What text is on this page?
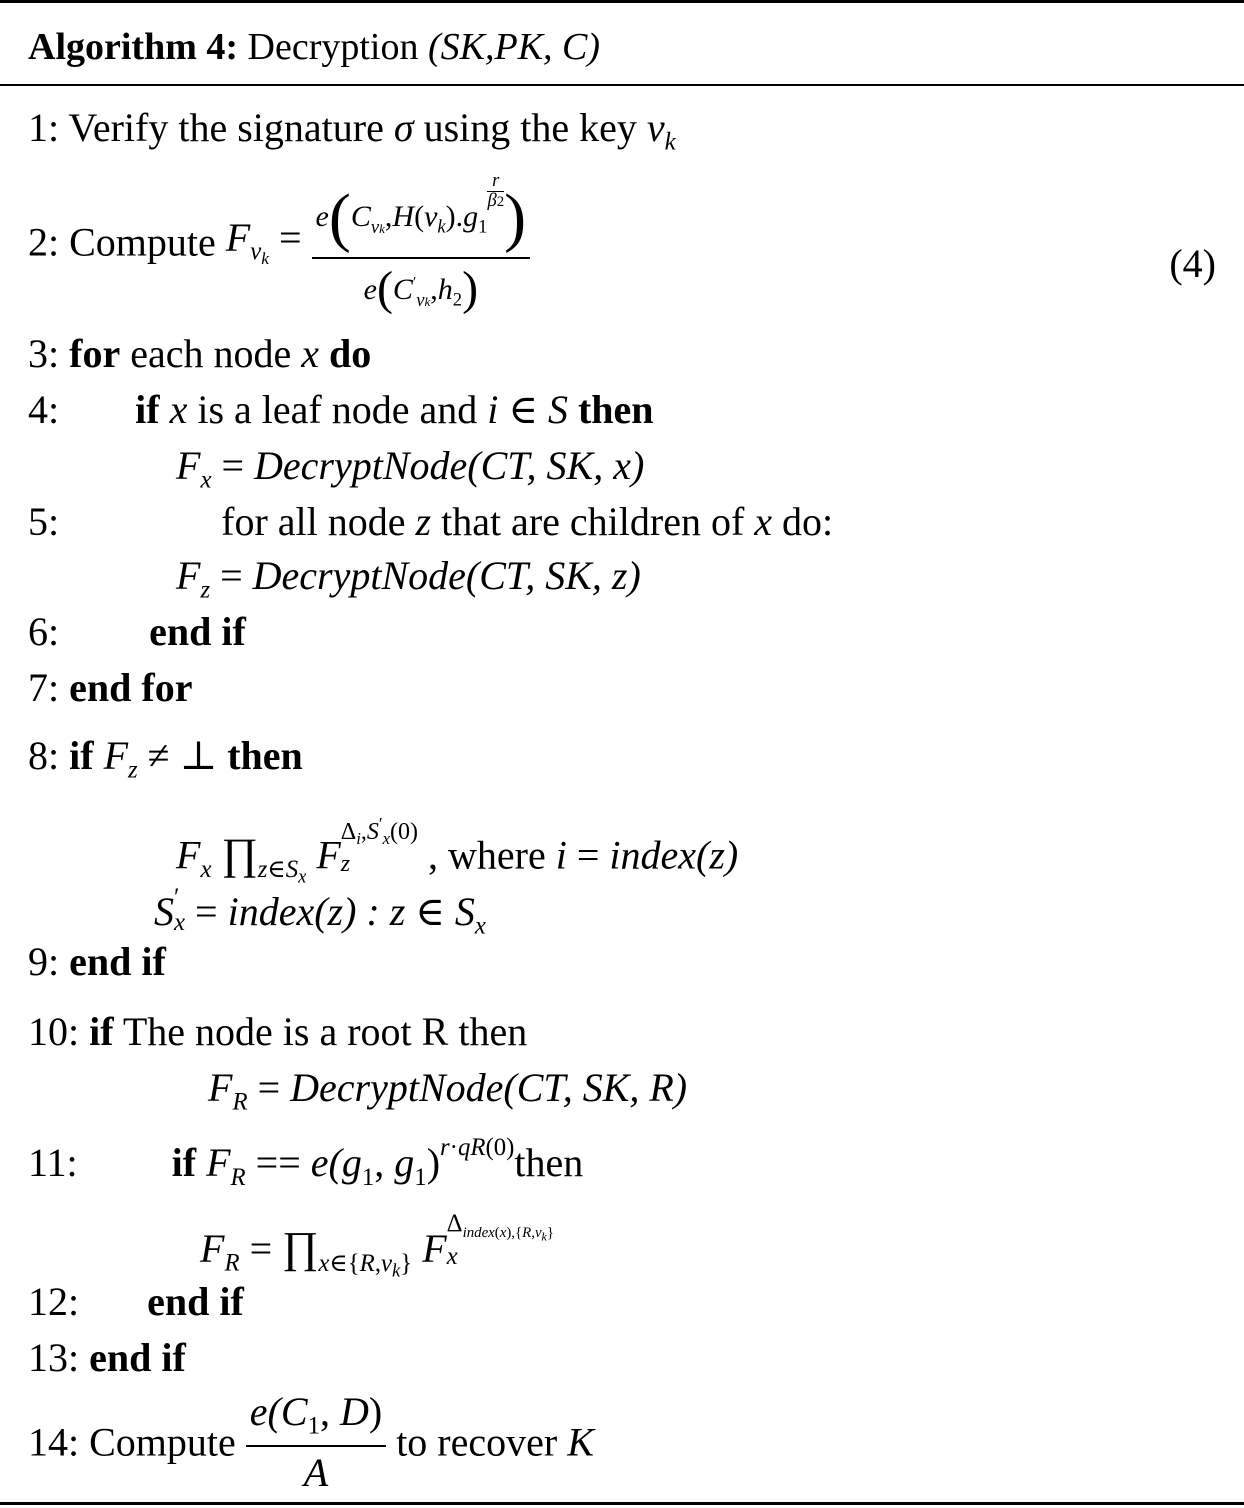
Algorithm 4: Decryption (SK,PK, C)
1: Verify the signature σ using the key $v_k$
2: Compute $F_{v_k} = e(C_{vk},H(v_k).g_1$
$\frac{r}{\beta 2}$ )
$e(C'_{vk},h_2)$	(4)
3: for each node x do
4: if x is a leaf node and i ∈ S then
$F_x$ = DecryptNode(CT, SK, x)
5:	for all node z that are children of x do:
$F_z$ = DecryptNode(CT, SK, z)
6: end if
7: end for
8: if $F_z$ ≠ ⊥ then
$F_x$ $\prod_{z\in S_x}$ F
$\Delta_i,S'_x(0)$
z	, where i = index(z)
S ′
x = index(z) : z ∈ $S_x$
9: end if
10: if The node is a root R then
$F_R$ = DecryptNode(CT, SK, R)
11: if $F_R == e(g_1$, $g_1)^{r\cdot qR(0)}then$
$F_R$ = $\prod_{x\in\{R,v_k\}}$ F
$\Delta_{index(x),\{R,v_k\}}$
x
12: end if
13: end if
14: Compute $\frac{e(C_1, D)}{A}$ to recover K
